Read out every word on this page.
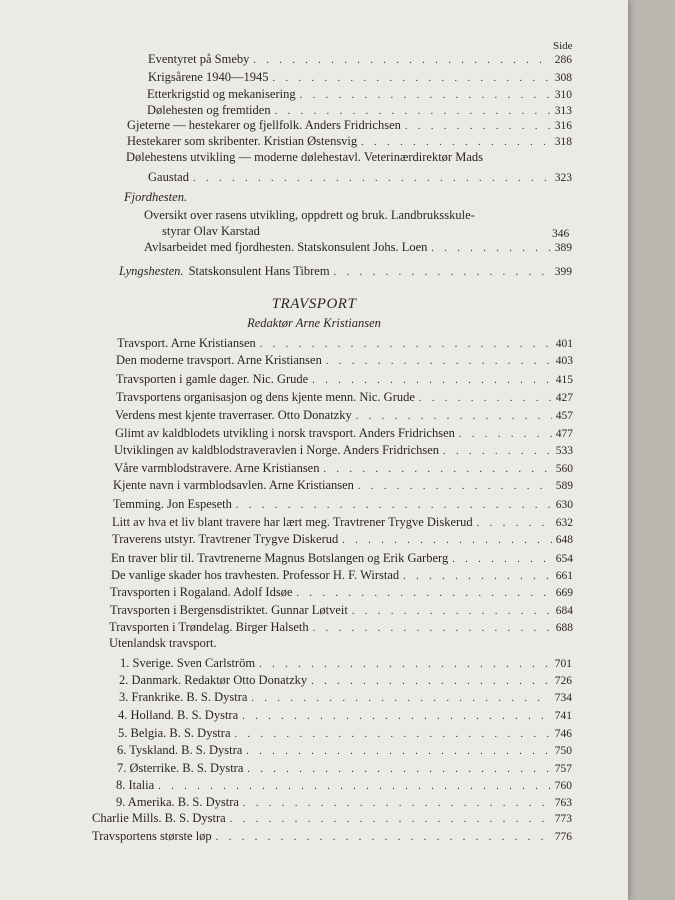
Side
Eventyret på Smeby . . .	286
Krigsårene 1940—1945 . . .	308
Etterkrigstid og mekanisering . . .	310
Dølehesten og fremtiden . . .	313
Gjeterne — hestekarer og fjellfolk. Anders Fridrichsen . . .	316
Hestekarer som skribenter. Kristian Østensvig . . .	318
Dølehestens utvikling — moderne dølehestavl. Veterinærdirektør Mads
Gaustad . . .	323
Fjordhesten.
Oversikt over rasens utvikling, oppdrett og bruk. Landbruksskule-
styrar Olav Karstad	346
Avlsarbeidet med fjordhesten. Statskonsulent Johs. Loen . . .	389
Lyngshesten. Statskonsulent Hans Tibrem . . .	399
TRAVSPORT
Redaktør Arne Kristiansen
Travsport. Arne Kristiansen . . .	401
Den moderne travsport. Arne Kristiansen . . .	403
Travsporten i gamle dager. Nic. Grude . . .	415
Travsportens organisasjon og dens kjente menn. Nic. Grude . . .	427
Verdens mest kjente traverraser. Otto Donatzky . . .	457
Glimt av kaldblodets utvikling i norsk travsport. Anders Fridrichsen . . .	477
Utviklingen av kaldblodstraveravlen i Norge. Anders Fridrichsen . . .	533
Våre varmblodstravere. Arne Kristiansen . . .	560
Kjente navn i varmblodsavlen. Arne Kristiansen . . .	589
Temming. Jon Espeseth . . .	630
Litt av hva et liv blant travere har lært meg. Travtrener Trygve Diskerud . . .	632
Traverens utstyr. Travtrener Trygve Diskerud . . .	648
En traver blir til. Travtrenerne Magnus Botslangen og Erik Garberg . . .	654
De vanlige skader hos travhesten. Professor H. F. Wirstad . . .	661
Travsporten i Rogaland. Adolf Idsøe . . .	669
Travsporten i Bergensdistriktet. Gunnar Løtveit . . .	684
Travsporten i Trøndelag. Birger Halseth . . .	688
Utenlandsk travsport.
1. Sverige. Sven Carlström . . .	701
2. Danmark. Redaktør Otto Donatzky . . .	726
3. Frankrike. B. S. Dystra . . .	734
4. Holland. B. S. Dystra . . .	741
5. Belgia. B. S. Dystra . . .	746
6. Tyskland. B. S. Dystra . . .	750
7. Østerrike. B. S. Dystra . . .	757
8. Italia . . .	760
9. Amerika. B. S. Dystra . . .	763
Charlie Mills. B. S. Dystra . . .	773
Travsportens største løp . . .	776
